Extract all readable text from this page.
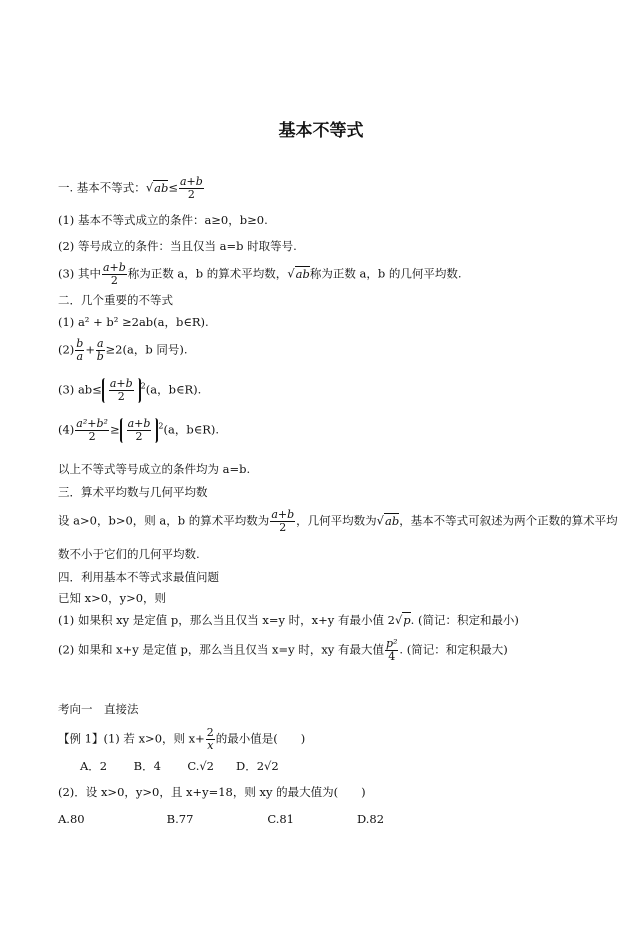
基本不等式
一. 基本不等式：$√ab\le \frac{a+b}{2}$
(1) 基本不等式成立的条件：a≥0，b≥0.
(2) 等号成立的条件：当且仅当 a=b 时取等号.
(3) 其中 $\frac{a+b}{2}$ 称为正数 a，b 的算术平均数，√ab称为正数 a，b 的几何平均数.
二．几个重要的不等式
(1) a² + b² ≥2ab(a，b∈R).
$(2) \frac{b}{a} + \frac{a}{b} \ge 2(a$，b 同号).
(3) $ab\le \frac{a+b}{2} ^2(a$，b∈R).
$(4) \frac{\text{a²+b²}}{2} \ge \frac{a+b}{2} ^2(a$，b∈R).
以上不等式等号成立的条件均为 a=b.
三．算术平均数与几何平均数
设 a>0，b>0，则 a，b 的算术平均数为 $\frac{a+b}{2}$ ，几何平均数为√ab，基本不等式可叙述为两个正数的算术平均
数不小于它们的几何平均数.
四．利用基本不等式求最值问题
已知 x>0，y>0，则
(1) 如果积 xy 是定值 p，那么当且仅当 x=y 时，x+y 有最小值 2√p. (简记：积定和最小)
(2) 如果和 x+y 是定值 p，那么当且仅当 x=y 时，xy 有最大值 $\frac{\text{p²}}{4}$ . (简记：和定积最大)
考向一　直接法
【例 1】(1) 若 x>0，则 $x+ \frac{2}{x}$ 的最小值是(　　)
A．2 B．4 C.√2 D．2√2
(2)．设 x>0，y>0，且 x+y=18，则 xy 的最大值为(　　)
A.80	B.77	C.81	D.82
